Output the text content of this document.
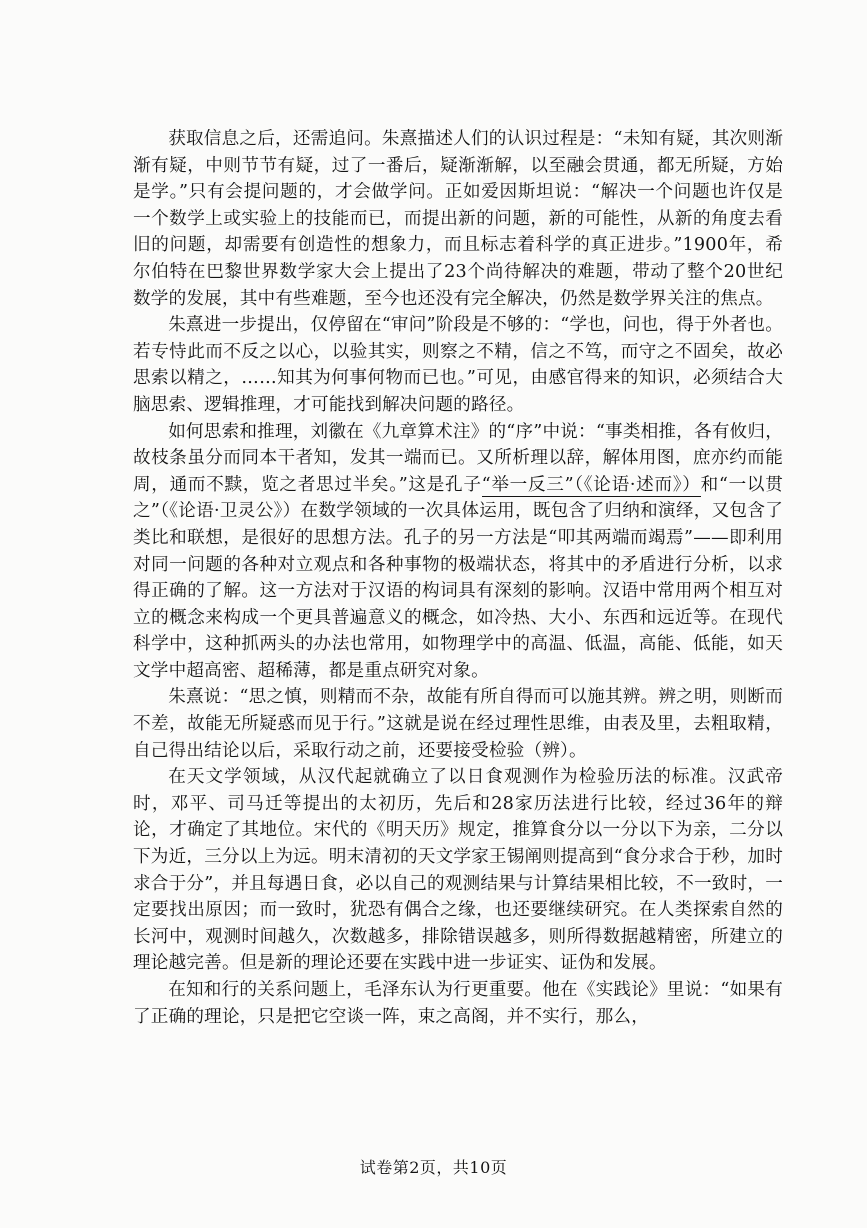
获取信息之后，还需追问。朱熹描述人们的认识过程是：“未知有疑，其次则渐渐有疑，中则节节有疑，过了一番后，疑渐渐解，以至融会贯通，都无所疑，方始是学。”只有会提问题的，才会做学问。正如爱因斯坦说：“解决一个问题也许仅是一个数学上或实验上的技能而已，而提出新的问题，新的可能性，从新的角度去看旧的问题，却需要有创造性的想象力，而且标志着科学的真正进步。”1900年，希尔伯特在巴黎世界数学家大会上提出了23个尚待解决的难题，带动了整个20世纪数学的发展，其中有些难题，至今也还没有完全解决，仍然是数学界关注的焦点。

朱熹进一步提出，仅停留在“审问”阶段是不够的：“学也，问也，得于外者也。若专恃此而不反之以心，以验其实，则察之不精，信之不笃，而守之不固矣，故必思索以精之，……知其为何事何物而已也。”可见，由感官得来的知识，必须结合大脑思索、逻辑推理，才可能找到解决问题的路径。

如何思索和推理，刘徽在《九章算术注》的“序”中说：“事类相推，各有攸归，故枝条虽分而同本干者知，发其一端而已。又所析理以辞，解体用图，庶亦约而能周，通而不黩，览之者思过半矣。”这是孔子“举一反三”（《论语·述而》）和“一以贯之”（《论语·卫灵公》）在数学领域的一次具体运用，既包含了归纳和演绎，又包含了类比和联想，是很好的思想方法。孔子的另一方法是“叩其两端而竭焉”——即利用对同一问题的各种对立观点和各种事物的极端状态，将其中的矛盾进行分析，以求得正确的了解。这一方法对于汉语的构词具有深刻的影响。汉语中常用两个相互对立的概念来构成一个更具普遍意义的概念，如冷热、大小、东西和远近等。在现代科学中，这种抓两头的办法也常用，如物理学中的高温、低温，高能、低能，如天文学中超高密、超稀薄，都是重点研究对象。

朱熹说：“思之慎，则精而不杂，故能有所自得而可以施其辨。辨之明，则断而不差，故能无所疑惑而见于行。”这就是说在经过理性思维，由表及里，去粗取精，自己得出结论以后，采取行动之前，还要接受检验（辨）。

在天文学领域，从汉代起就确立了以日食观测作为检验历法的标准。汉武帝时，邓平、司马迁等提出的太初历，先后和28家历法进行比较，经过36年的辩论，才确定了其地位。宋代的《明天历》规定，推算食分以一分以下为亲，二分以下为近，三分以上为远。明末清初的天文学家王锡阐则提高到“食分求合于秒，加时求合于分”，并且每遇日食，必以自己的观测结果与计算结果相比较，不一致时，一定要找出原因；而一致时，犹恐有偶合之缘，也还要继续研究。在人类探索自然的长河中，观测时间越久，次数越多，排除错误越多，则所得数据越精密，所建立的理论越完善。但是新的理论还要在实践中进一步证实、证伪和发展。

在知和行的关系问题上，毛泽东认为行更重要。他在《实践论》里说：“如果有了正确的理论，只是把它空谈一阵，束之高阁，并不实行，那么，

试卷第2页，共10页
